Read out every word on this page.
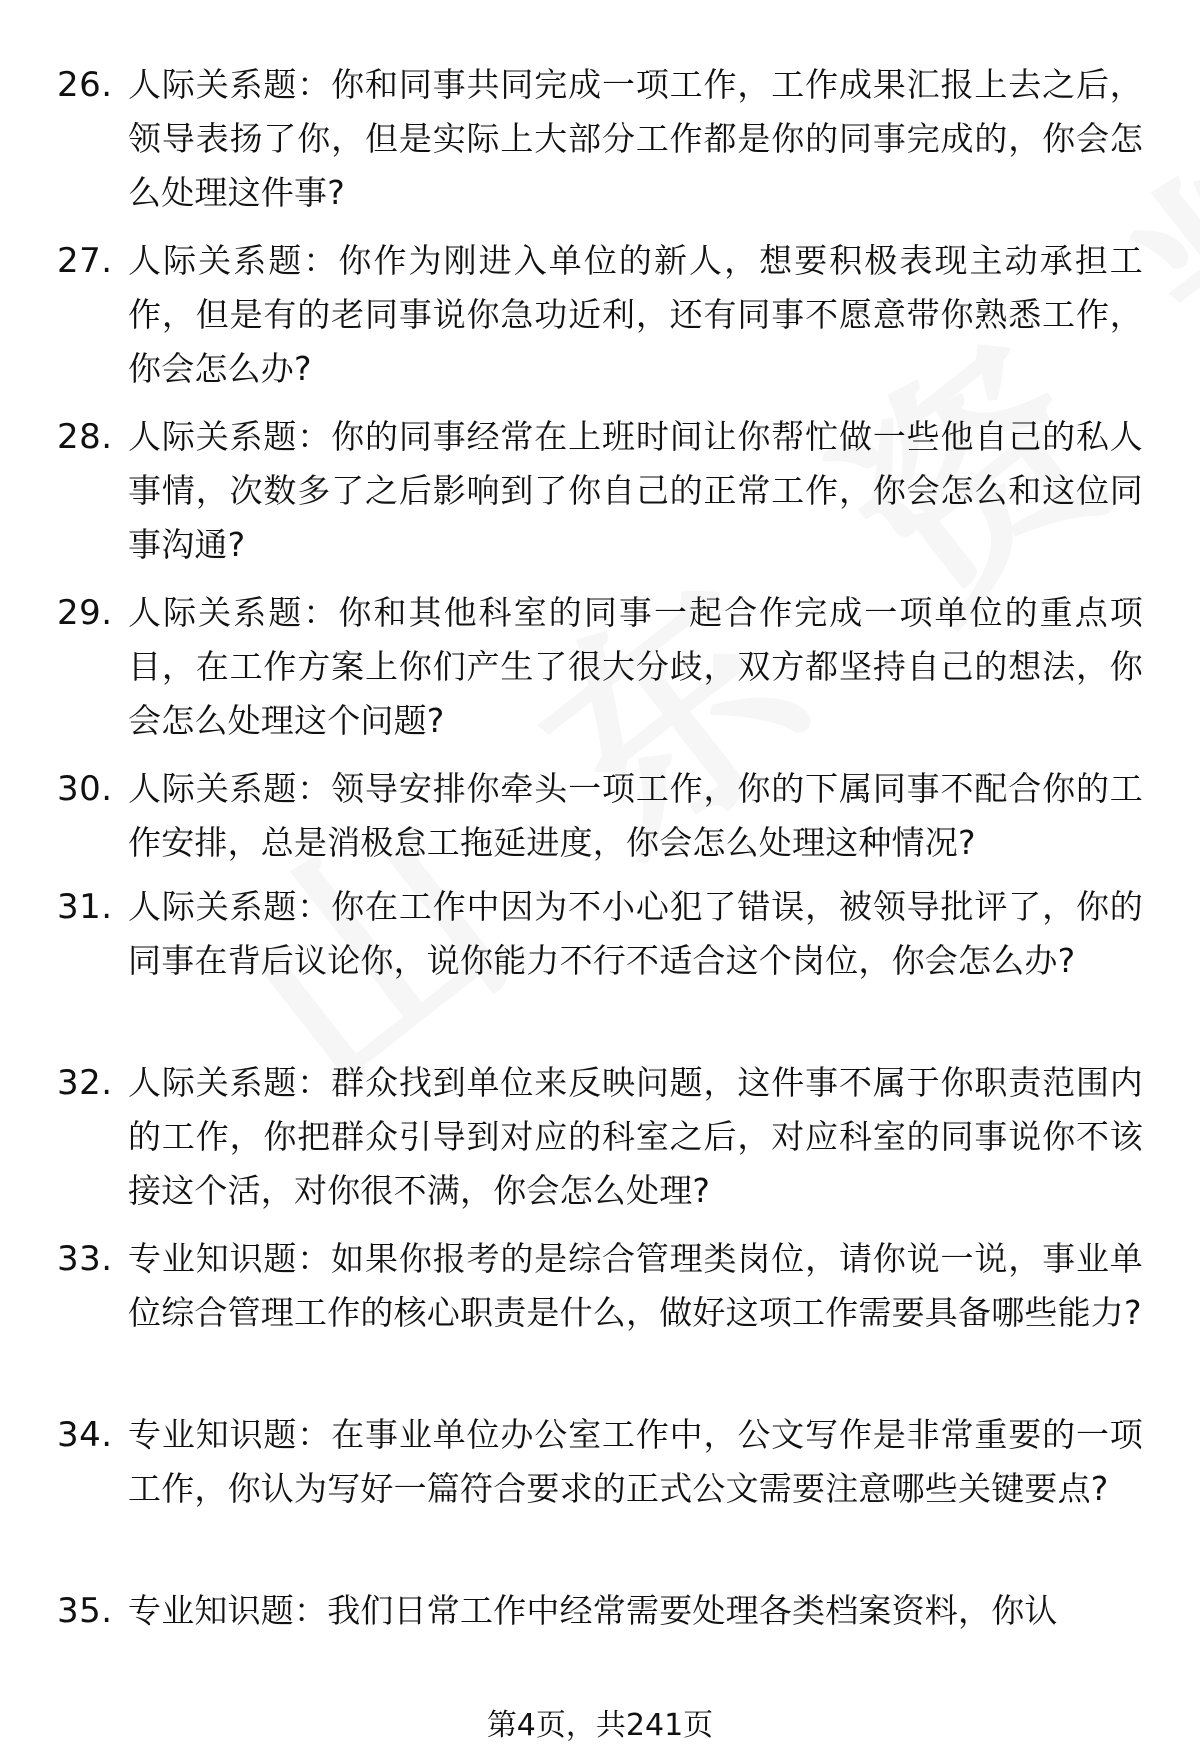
26. 人际关系题：你和同事共同完成一项工作，工作成果汇报上去之后，领导表扬了你，但是实际上大部分工作都是你的同事完成的，你会怎么处理这件事?
27. 人际关系题：你作为刚进入单位的新人，想要积极表现主动承担工作，但是有的老同事说你急功近利，还有同事不愿意带你熟悉工作，你会怎么办?
28. 人际关系题：你的同事经常在上班时间让你帮忙做一些他自己的私人事情，次数多了之后影响到了你自己的正常工作，你会怎么和这位同事沟通?
29. 人际关系题：你和其他科室的同事一起合作完成一项单位的重点项目，在工作方案上你们产生了很大分歧，双方都坚持自己的想法，你会怎么处理这个问题?
30. 人际关系题：领导安排你牵头一项工作，你的下属同事不配合你的工作安排，总是消极怠工拖延进度，你会怎么处理这种情况?
31. 人际关系题：你在工作中因为不小心犯了错误，被领导批评了，你的同事在背后议论你，说你能力不行不适合这个岗位，你会怎么办?
32. 人际关系题：群众找到单位来反映问题，这件事不属于你职责范围内的工作，你把群众引导到对应的科室之后，对应科室的同事说你不该接这个活，对你很不满，你会怎么处理?
33. 专业知识题：如果你报考的是综合管理类岗位，请你说一说，事业单位综合管理工作的核心职责是什么，做好这项工作需要具备哪些能力?
34. 专业知识题：在事业单位办公室工作中，公文写作是非常重要的一项工作，你认为写好一篇符合要求的正式公文需要注意哪些关键要点?
35. 专业知识题：我们日常工作中经常需要处理各类档案资料，你认
第4页，共241页
